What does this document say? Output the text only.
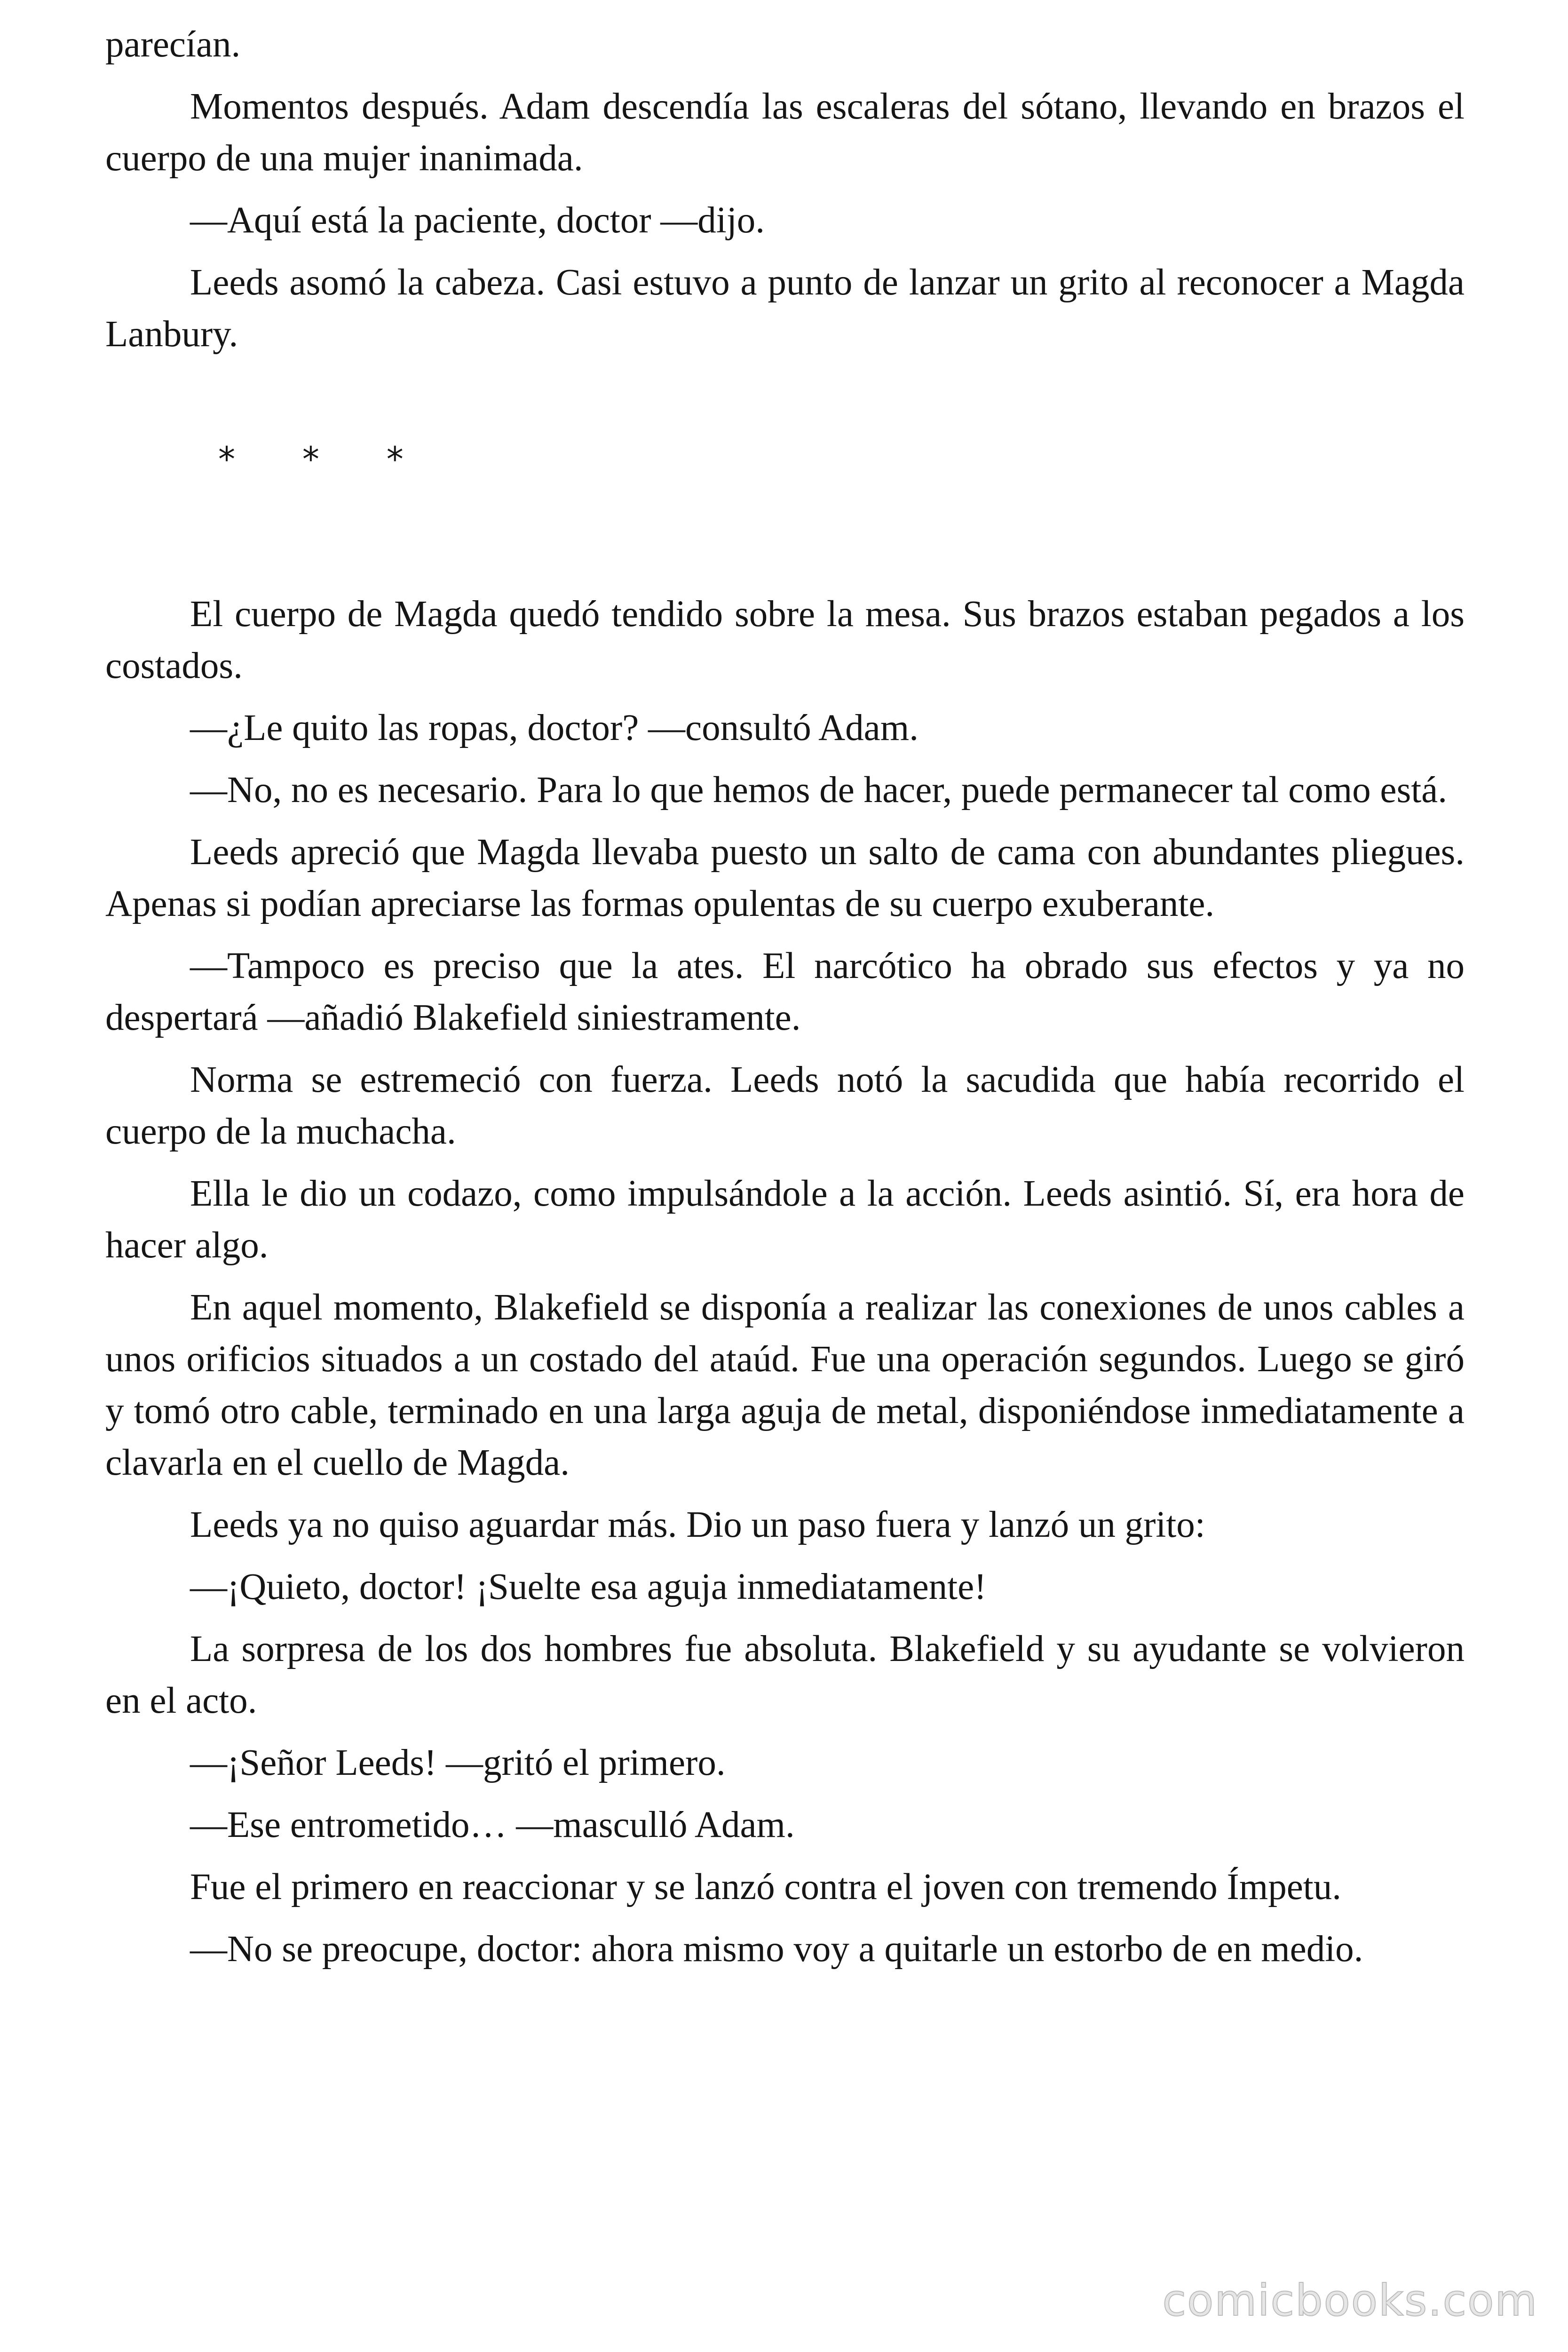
parecían.

Momentos después. Adam descendía las escaleras del sótano, llevando en brazos el cuerpo de una mujer inanimada.

—Aquí está la paciente, doctor —dijo.

Leeds asomó la cabeza. Casi estuvo a punto de lanzar un grito al reconocer a Magda Lanbury.

* * *

El cuerpo de Magda quedó tendido sobre la mesa. Sus brazos estaban pegados a los costados.

—¿Le quito las ropas, doctor? —consultó Adam.

—No, no es necesario. Para lo que hemos de hacer, puede permanecer tal como está.

Leeds apreció que Magda llevaba puesto un salto de cama con abundantes pliegues. Apenas si podían apreciarse las formas opulentas de su cuerpo exuberante.

—Tampoco es preciso que la ates. El narcótico ha obrado sus efectos y ya no despertará —añadió Blakefield siniestramente.

Norma se estremeció con fuerza. Leeds notó la sacudida que había recorrido el cuerpo de la muchacha.

Ella le dio un codazo, como impulsándole a la acción. Leeds asintió. Sí, era hora de hacer algo.

En aquel momento, Blakefield se disponía a realizar las conexiones de unos cables a unos orificios situados a un costado del ataúd. Fue una operación segundos. Luego se giró y tomó otro cable, terminado en una larga aguja de metal, disponiéndose inmediatamente a clavarla en el cuello de Magda.

Leeds ya no quiso aguardar más. Dio un paso fuera y lanzó un grito:

—¡Quieto, doctor! ¡Suelte esa aguja inmediatamente!

La sorpresa de los dos hombres fue absoluta. Blakefield y su ayudante se volvieron en el acto.

—¡Señor Leeds! —gritó el primero.

—Ese entrometido… —masculló Adam.

Fue el primero en reaccionar y se lanzó contra el joven con tremendo Ímpetu.

—No se preocupe, doctor: ahora mismo voy a quitarle un estorbo de en medio.

comicbooks.com
